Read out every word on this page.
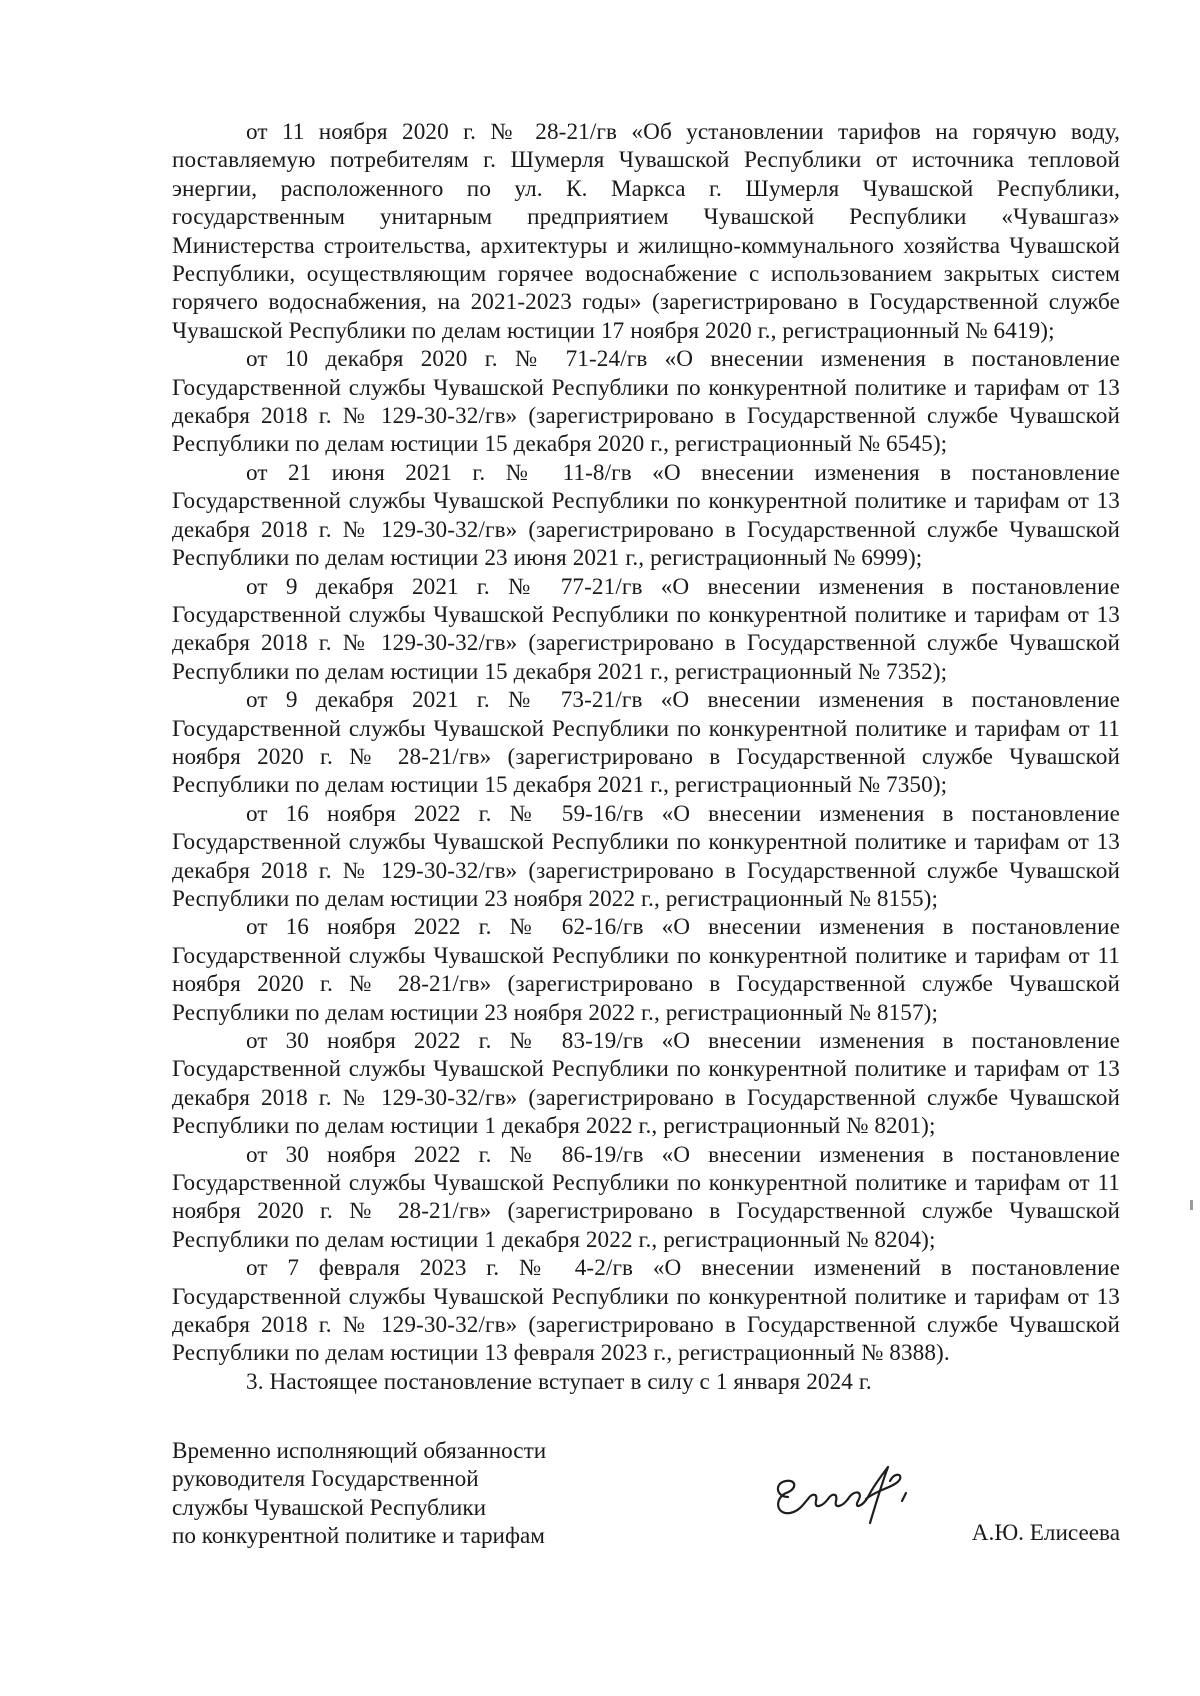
от 11 ноября 2020 г. № 28-21/гв «Об установлении тарифов на горячую воду, поставляемую потребителям г. Шумерля Чувашской Республики от источника тепловой энергии, расположенного по ул. К. Маркса г. Шумерля Чувашской Республики, государственным унитарным предприятием Чувашской Республики «Чувашгаз» Министерства строительства, архитектуры и жилищно-коммунального хозяйства Чувашской Республики, осуществляющим горячее водоснабжение с использованием закрытых систем горячего водоснабжения, на 2021-2023 годы» (зарегистрировано в Государственной службе Чувашской Республики по делам юстиции 17 ноября 2020 г., регистрационный № 6419);

от 10 декабря 2020 г. № 71-24/гв «О внесении изменения в постановление Государственной службы Чувашской Республики по конкурентной политике и тарифам от 13 декабря 2018 г. № 129-30-32/гв» (зарегистрировано в Государственной службе Чувашской Республики по делам юстиции 15 декабря 2020 г., регистрационный № 6545);

от 21 июня 2021 г. № 11-8/гв «О внесении изменения в постановление Государственной службы Чувашской Республики по конкурентной политике и тарифам от 13 декабря 2018 г. № 129-30-32/гв» (зарегистрировано в Государственной службе Чувашской Республики по делам юстиции 23 июня 2021 г., регистрационный № 6999);

от 9 декабря 2021 г. № 77-21/гв «О внесении изменения в постановление Государственной службы Чувашской Республики по конкурентной политике и тарифам от 13 декабря 2018 г. № 129-30-32/гв» (зарегистрировано в Государственной службе Чувашской Республики по делам юстиции 15 декабря 2021 г., регистрационный № 7352);

от 9 декабря 2021 г. № 73-21/гв «О внесении изменения в постановление Государственной службы Чувашской Республики по конкурентной политике и тарифам от 11 ноября 2020 г. № 28-21/гв» (зарегистрировано в Государственной службе Чувашской Республики по делам юстиции 15 декабря 2021 г., регистрационный № 7350);

от 16 ноября 2022 г. № 59-16/гв «О внесении изменения в постановление Государственной службы Чувашской Республики по конкурентной политике и тарифам от 13 декабря 2018 г. № 129-30-32/гв» (зарегистрировано в Государственной службе Чувашской Республики по делам юстиции 23 ноября 2022 г., регистрационный № 8155);

от 16 ноября 2022 г. № 62-16/гв «О внесении изменения в постановление Государственной службы Чувашской Республики по конкурентной политике и тарифам от 11 ноября 2020 г. № 28-21/гв» (зарегистрировано в Государственной службе Чувашской Республики по делам юстиции 23 ноября 2022 г., регистрационный № 8157);

от 30 ноября 2022 г. № 83-19/гв «О внесении изменения в постановление Государственной службы Чувашской Республики по конкурентной политике и тарифам от 13 декабря 2018 г. № 129-30-32/гв» (зарегистрировано в Государственной службе Чувашской Республики по делам юстиции 1 декабря 2022 г., регистрационный № 8201);

от 30 ноября 2022 г. № 86-19/гв «О внесении изменения в постановление Государственной службы Чувашской Республики по конкурентной политике и тарифам от 11 ноября 2020 г. № 28-21/гв» (зарегистрировано в Государственной службе Чувашской Республики по делам юстиции 1 декабря 2022 г., регистрационный № 8204);

от 7 февраля 2023 г. № 4-2/гв «О внесении изменений в постановление Государственной службы Чувашской Республики по конкурентной политике и тарифам от 13 декабря 2018 г. № 129-30-32/гв» (зарегистрировано в Государственной службе Чувашской Республики по делам юстиции 13 февраля 2023 г., регистрационный № 8388).

3. Настоящее постановление вступает в силу с 1 января 2024 г.

Временно исполняющий обязанности
руководителя Государственной
службы Чувашской Республики
по конкурентной политике и тарифам	А.Ю. Елисеева
